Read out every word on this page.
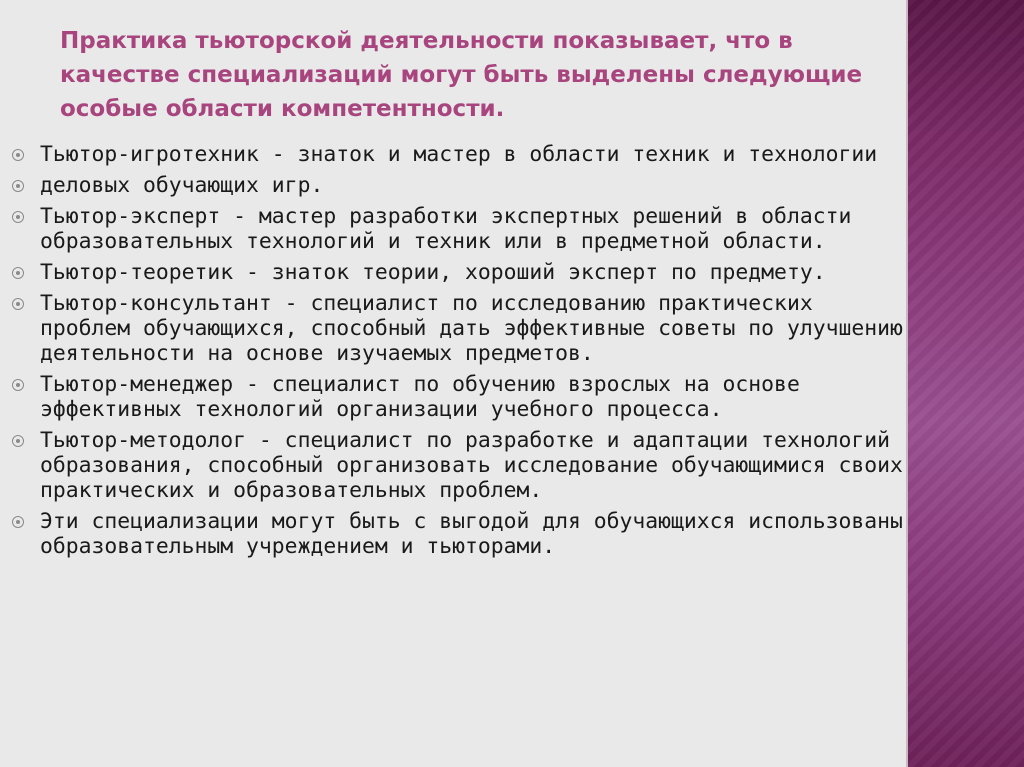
Практика тьюторской деятельности показывает, что в качестве специализаций могут быть выделены следующие особые области компетентности.
Тьютор-игротехник - знаток и мастер в области техник и технологии
деловых обучающих игр.
Тьютор-эксперт - мастер разработки экспертных решений в области образовательных технологий и техник или в предметной области.
Тьютор-теоретик - знаток теории, хороший эксперт по предмету.
Тьютор-консультант - специалист по исследованию практических проблем обучающихся, способный дать эффективные советы по улучшению деятельности на основе изучаемых предметов.
Тьютор-менеджер - специалист по обучению взрослых на основе эффективных технологий организации учебного процесса.
Тьютор-методолог - специалист по разработке и адаптации технологий образования, способный организовать исследование обучающимися своих практических и образовательных проблем.
Эти специализации могут быть с выгодой для обучающихся использованы образовательным учреждением и тьюторами.
